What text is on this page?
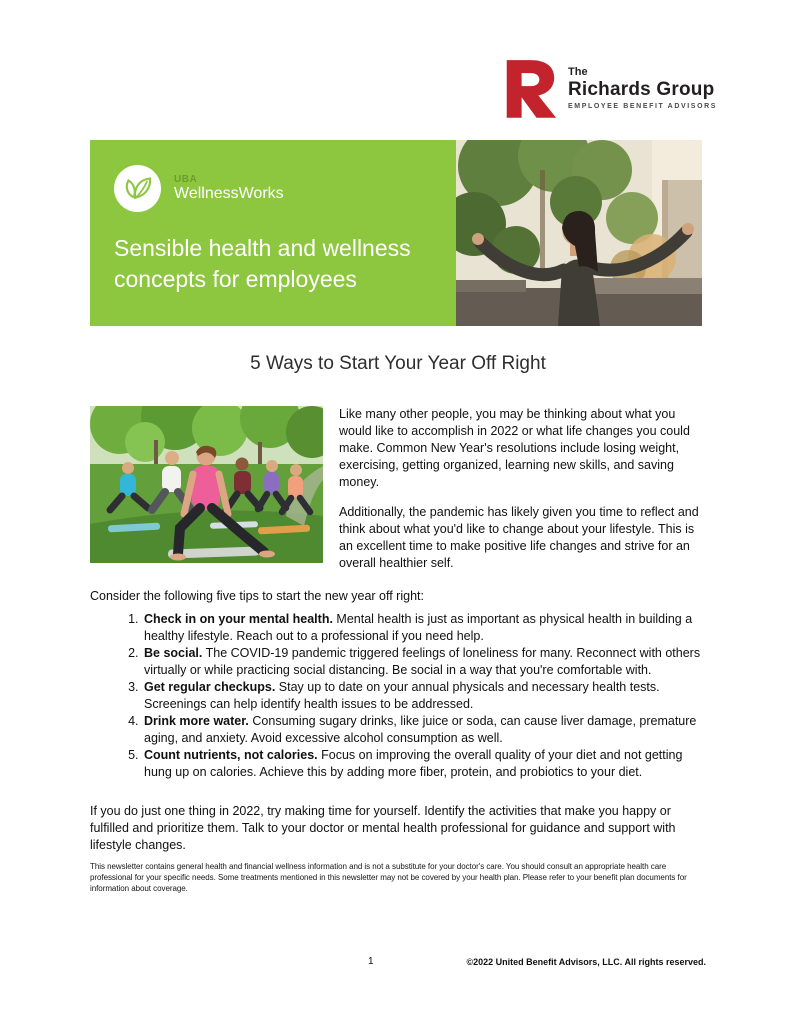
The
Richards Group
EMPLOYEE BENEFIT ADVISORS
UBA
WellnessWorks
Sensible health and wellness concepts for employees
5 Ways to Start Your Year Off Right

Like many other people, you may be thinking about what you would like to accomplish in 2022 or what life changes you could make. Common New Year's resolutions include losing weight, exercising, getting organized, learning new skills, and saving money.

Additionally, the pandemic has likely given you time to reflect and think about what you'd like to change about your lifestyle. This is an excellent time to make positive life changes and strive for an overall healthier self.

Consider the following five tips to start the new year off right:
1. Check in on your mental health. Mental health is just as important as physical health in building a healthy lifestyle. Reach out to a professional if you need help.
2. Be social. The COVID-19 pandemic triggered feelings of loneliness for many. Reconnect with others virtually or while practicing social distancing. Be social in a way that you're comfortable with.
3. Get regular checkups. Stay up to date on your annual physicals and necessary health tests. Screenings can help identify health issues to be addressed.
4. Drink more water. Consuming sugary drinks, like juice or soda, can cause liver damage, premature aging, and anxiety. Avoid excessive alcohol consumption as well.
5. Count nutrients, not calories. Focus on improving the overall quality of your diet and not getting hung up on calories. Achieve this by adding more fiber, protein, and probiotics to your diet.
If you do just one thing in 2022, try making time for yourself. Identify the activities that make you happy or fulfilled and prioritize them. Talk to your doctor or mental health professional for guidance and support with lifestyle changes.
This newsletter contains general health and financial wellness information and is not a substitute for your doctor's care. You should consult an appropriate health care professional for your specific needs. Some treatments mentioned in this newsletter may not be covered by your health plan. Please refer to your benefit plan documents for information about coverage.
1	©2022 United Benefit Advisors, LLC. All rights reserved.
